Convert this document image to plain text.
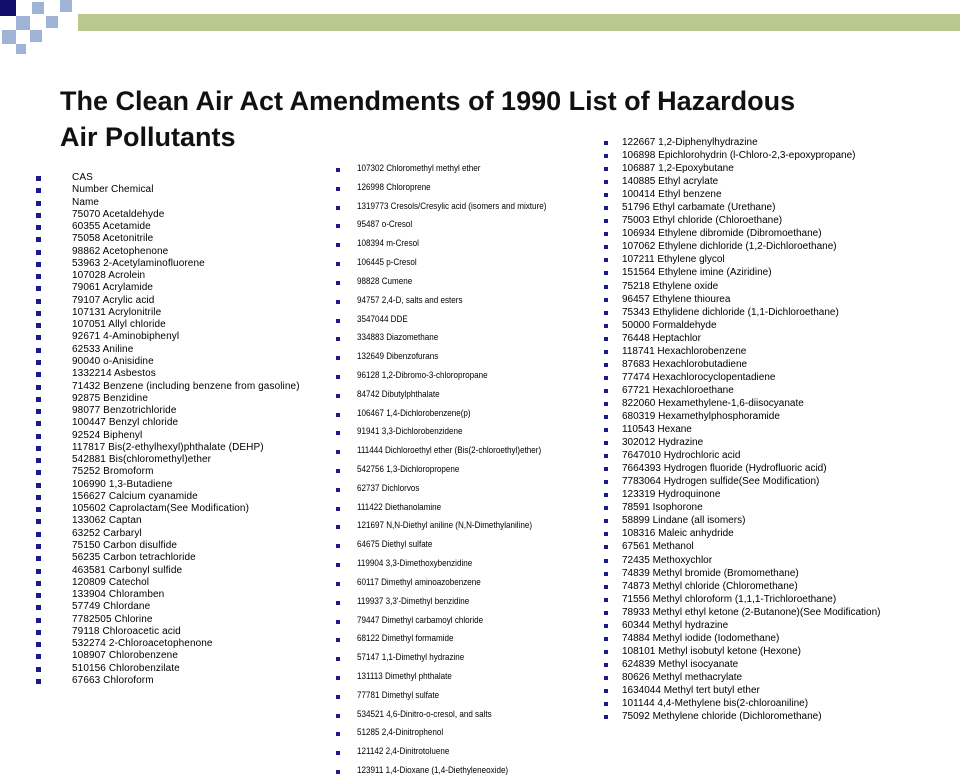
The Clean Air Act Amendments of 1990 List of Hazardous Air Pollutants
CAS
Number Chemical
Name
75070 Acetaldehyde
60355 Acetamide
75058 Acetonitrile
98862 Acetophenone
53963 2-Acetylaminofluorene
107028 Acrolein
79061 Acrylamide
79107 Acrylic acid
107131 Acrylonitrile
107051 Allyl chloride
92671 4-Aminobiphenyl
62533 Aniline
90040 o-Anisidine
1332214 Asbestos
71432 Benzene (including benzene from gasoline)
92875 Benzidine
98077 Benzotrichloride
100447 Benzyl chloride
92524 Biphenyl
117817 Bis(2-ethylhexyl)phthalate (DEHP)
542881 Bis(chloromethyl)ether
75252 Bromoform
106990 1,3-Butadiene
156627 Calcium cyanamide
105602 Caprolactam(See Modification)
133062 Captan
63252 Carbaryl
75150 Carbon disulfide
56235 Carbon tetrachloride
463581 Carbonyl sulfide
120809 Catechol
133904 Chloramben
57749 Chlordane
7782505 Chlorine
79118 Chloroacetic acid
532274 2-Chloroacetophenone
108907 Chlorobenzene
510156 Chlorobenzilate
67663 Chloroform
107302 Chloromethyl methyl ether
126998 Chloroprene
1319773 Cresols/Cresylic acid (isomers and mixture)
95487 o-Cresol
108394 m-Cresol
106445 p-Cresol
98828 Cumene
94757 2,4-D, salts and esters
3547044 DDE
334883 Diazomethane
132649 Dibenzofurans
96128 1,2-Dibromo-3-chloropropane
84742 Dibutylphthalate
106467 1,4-Dichlorobenzene(p)
91941 3,3-Dichlorobenzidene
111444 Dichloroethyl ether (Bis(2-chloroethyl)ether)
542756 1,3-Dichloropropene
62737 Dichlorvos
111422 Diethanolamine
121697 N,N-Diethyl aniline (N,N-Dimethylaniline)
64675 Diethyl sulfate
119904 3,3-Dimethoxybenzidine
60117 Dimethyl aminoazobenzene
119937 3,3'-Dimethyl benzidine
79447 Dimethyl carbamoyl chloride
68122 Dimethyl formamide
57147 1,1-Dimethyl hydrazine
131113 Dimethyl phthalate
77781 Dimethyl sulfate
534521 4,6-Dinitro-o-cresol, and salts
51285 2,4-Dinitrophenol
121142 2,4-Dinitrotoluene
123911 1,4-Dioxane (1,4-Diethyleneoxide)
122667 1,2-Diphenylhydrazine
106898 Epichlorohydrin (l-Chloro-2,3-epoxypropane)
106887 1,2-Epoxybutane
140885 Ethyl acrylate
100414 Ethyl benzene
51796 Ethyl carbamate (Urethane)
75003 Ethyl chloride (Chloroethane)
106934 Ethylene dibromide (Dibromoethane)
107062 Ethylene dichloride (1,2-Dichloroethane)
107211 Ethylene glycol
151564 Ethylene imine (Aziridine)
75218 Ethylene oxide
96457 Ethylene thiourea
75343 Ethylidene dichloride (1,1-Dichloroethane)
50000 Formaldehyde
76448 Heptachlor
118741 Hexachlorobenzene
87683 Hexachlorobutadiene
77474 Hexachlorocyclopentadiene
67721 Hexachloroethane
822060 Hexamethylene-1,6-diisocyanate
680319 Hexamethylphosphoramide
110543 Hexane
302012 Hydrazine
7647010 Hydrochloric acid
7664393 Hydrogen fluoride (Hydrofluoric acid)
7783064 Hydrogen sulfide(See Modification)
123319 Hydroquinone
78591 Isophorone
58899 Lindane (all isomers)
108316 Maleic anhydride
67561 Methanol
72435 Methoxychlor
74839 Methyl bromide (Bromomethane)
74873 Methyl chloride (Chloromethane)
71556 Methyl chloroform (1,1,1-Trichloroethane)
78933 Methyl ethyl ketone (2-Butanone)(See Modification)
60344 Methyl hydrazine
74884 Methyl iodide (Iodomethane)
108101 Methyl isobutyl ketone (Hexone)
624839 Methyl isocyanate
80626 Methyl methacrylate
1634044 Methyl tert butyl ether
101144 4,4-Methylene bis(2-chloroaniline)
75092 Methylene chloride (Dichloromethane)
